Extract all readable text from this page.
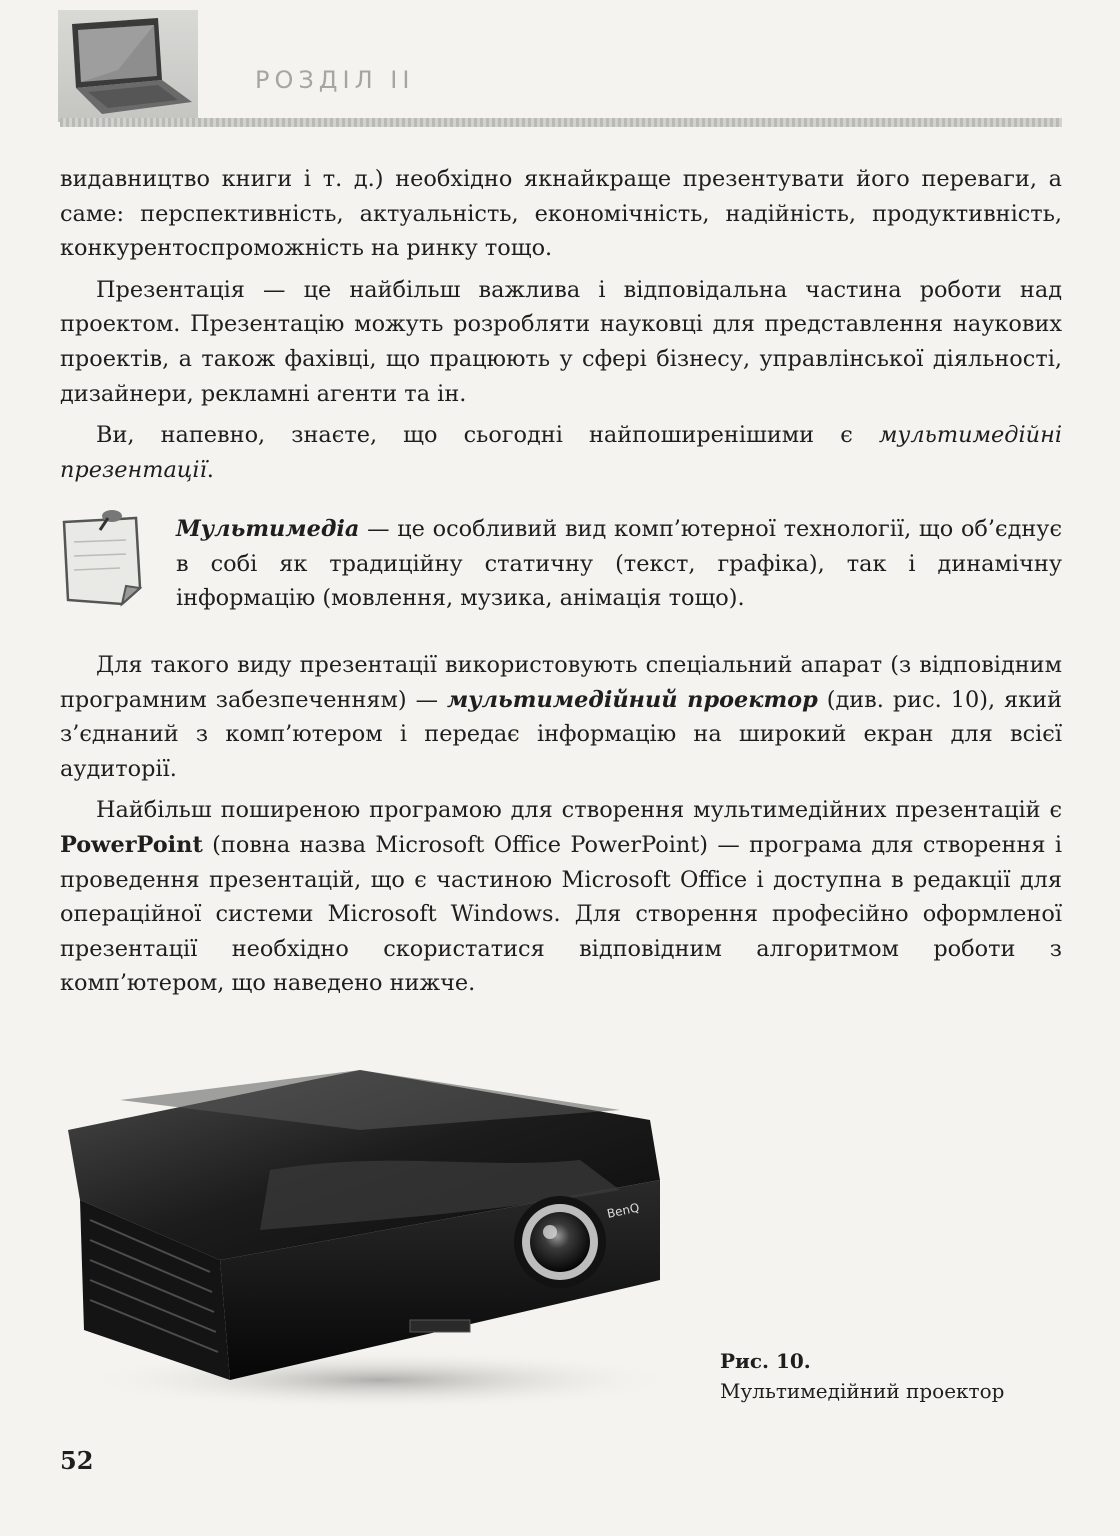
РОЗДІЛ II

видавництво книги і т. д.) необхідно якнайкраще презентувати його переваги, а саме: перспективність, актуальність, економічність, надійність, продуктивність, конкурентоспроможність на ринку тощо.

Презентація — це найбільш важлива і відповідальна частина роботи над проектом. Презентацію можуть розробляти науковці для представлення наукових проектів, а також фахівці, що працюють у сфері бізнесу, управлінської діяльності, дизайнери, рекламні агенти та ін.

Ви, напевно, знаєте, що сьогодні найпоширенішими є мультимедійні презентації.

Мультимедіа — це особливий вид комп’ютерної технології, що об’єднує в собі як традиційну статичну (текст, графіка), так і динамічну інформацію (мовлення, музика, анімація тощо).

Для такого виду презентації використовують спеціальний апарат (з відповідним програмним забезпеченням) — мультимедійний проектор (див. рис. 10), який з’єднаний з комп’ютером і передає інформацію на широкий екран для всієї аудиторії.

Найбільш поширеною програмою для створення мультимедійних презентацій є PowerPoint (повна назва Microsoft Office PowerPoint) — програма для створення і проведення презентацій, що є частиною Microsoft Office і доступна в редакції для операційної системи Microsoft Windows. Для створення професійно оформленої презентації необхідно скористатися відповідним алгоритмом роботи з комп’ютером, що наведено нижче.

BenQ
Рис. 10.
Мультимедійний проектор
52
